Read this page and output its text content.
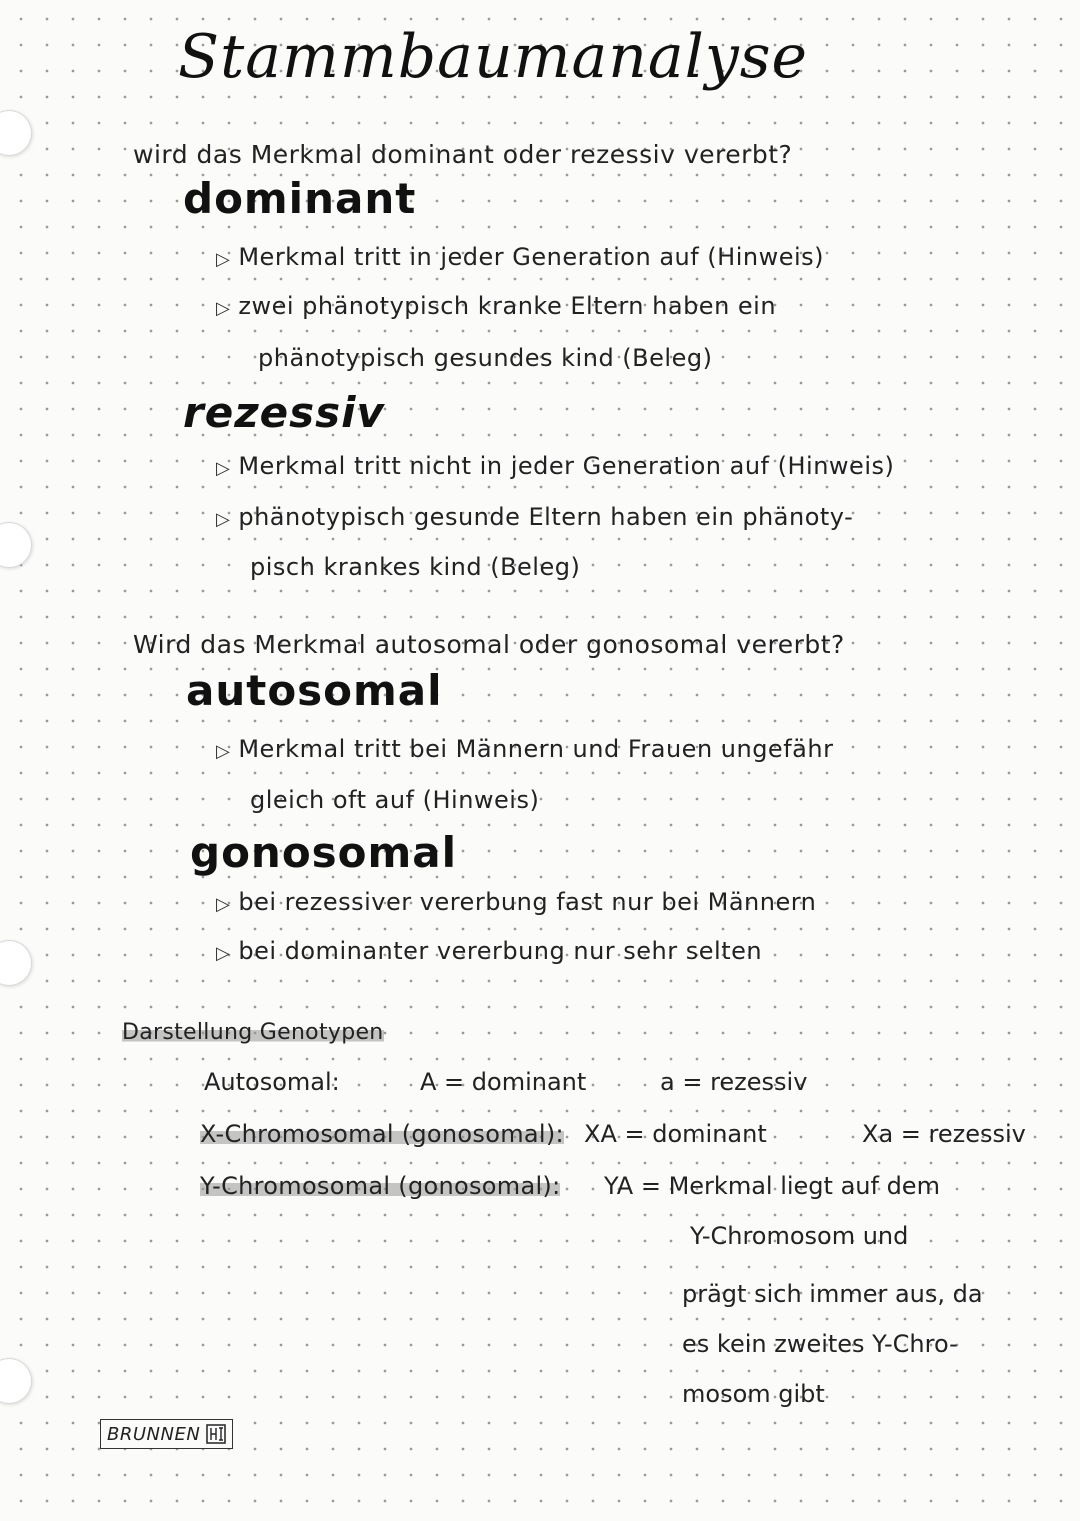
Stammbaumanalyse
wird das Merkmal dominant oder rezessiv vererbt?
dominant
▷ Merkmal tritt in jeder Generation auf (Hinweis)
▷ zwei phänotypisch kranke Eltern haben ein
phänotypisch gesundes kind (Beleg)
rezessiv
▷ Merkmal tritt nicht in jeder Generation auf (Hinweis)
▷ phänotypisch gesunde Eltern haben ein phänoty-
pisch krankes kind (Beleg)
Wird das Merkmal autosomal oder gonosomal vererbt?
autosomal
▷ Merkmal tritt bei Männern und Frauen ungefähr
gleich oft auf (Hinweis)
gonosomal
▷ bei rezessiver vererbung fast nur bei Männern
▷ bei dominanter vererbung nur sehr selten
Darstellung Genotypen
Autosomal:	A = dominant	a = rezessiv
X-Chromosomal (gonosomal): XA = dominant	Xa = rezessiv
Y-Chromosomal (gonosomal): YA = Merkmal liegt auf dem
Y-Chromosom und
prägt sich immer aus, da
es kein zweites Y-Chro-
mosom gibt
BRUNNEN
